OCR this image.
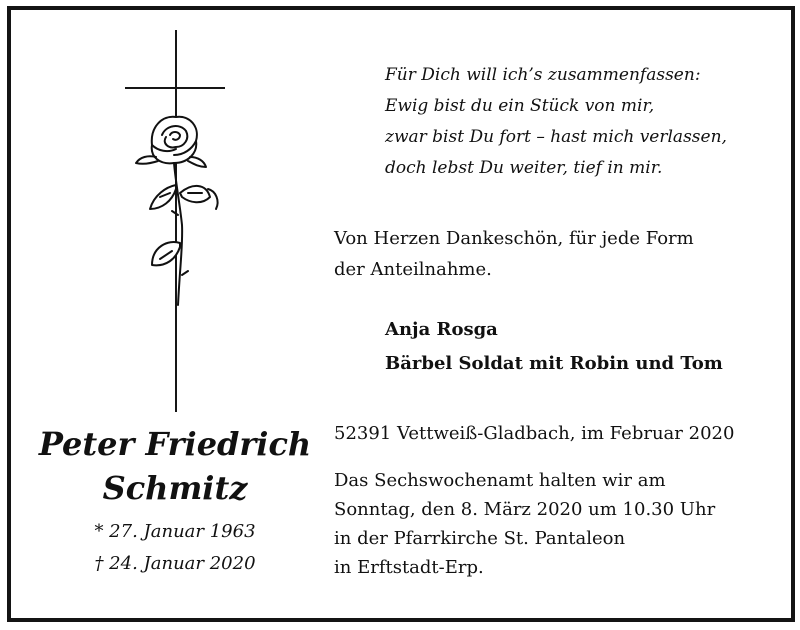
Für Dich will ich’s zusammenfassen:
Ewig bist du ein Stück von mir,
zwar bist Du fort – hast mich verlassen,
doch lebst Du weiter, tief in mir.
Von Herzen Dankeschön, für jede Form
der Anteilnahme.
Anja Rosga
Bärbel Soldat mit Robin und Tom
Peter Friedrich
Schmitz
* 27. Januar 1963
† 24. Januar 2020
52391 Vettweiß-Gladbach, im Februar 2020
Das Sechswochenamt halten wir am
Sonntag, den 8. März 2020 um 10.30 Uhr
in der Pfarrkirche St. Pantaleon
in Erftstadt-Erp.
